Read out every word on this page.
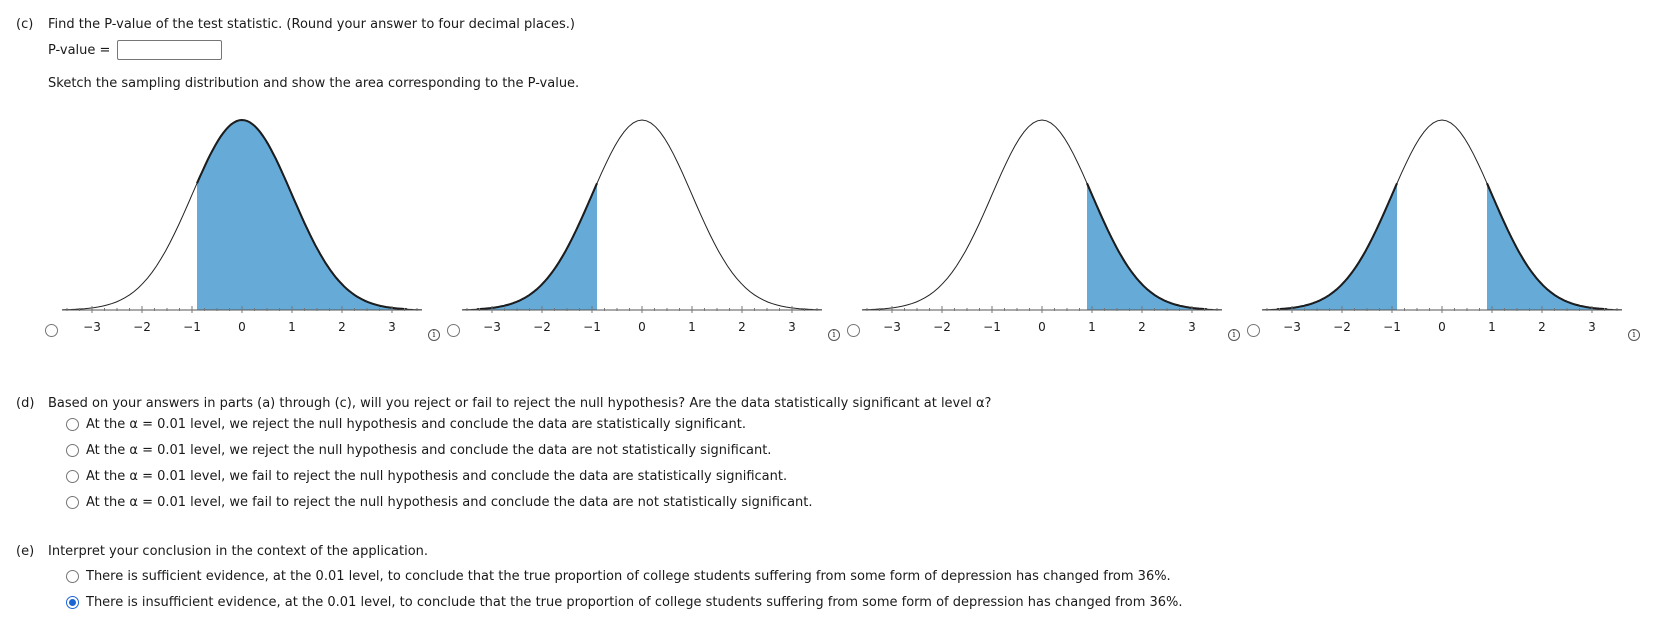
(c) Find the P-value of the test statistic. (Round your answer to four decimal places.)
P-value =
Sketch the sampling distribution and show the area corresponding to the P-value.
−3	−2	−1	0	1	2	3	−3	−2	−1	0	1	2	3	−3	−2	−1	0	1	2	3	−3	−2	−1	0	1	2	3
(d) Based on your answers in parts (a) through (c), will you reject or fail to reject the null hypothesis? Are the data statistically significant at level α?
At the α = 0.01 level, we reject the null hypothesis and conclude the data are statistically significant.
At the α = 0.01 level, we reject the null hypothesis and conclude the data are not statistically significant.
At the α = 0.01 level, we fail to reject the null hypothesis and conclude the data are statistically significant.
At the α = 0.01 level, we fail to reject the null hypothesis and conclude the data are not statistically significant.
(e) Interpret your conclusion in the context of the application.
There is sufficient evidence, at the 0.01 level, to conclude that the true proportion of college students suffering from some form of depression has changed from 36%.
There is insufficient evidence, at the 0.01 level, to conclude that the true proportion of college students suffering from some form of depression has changed from 36%.
i	i	i	i
